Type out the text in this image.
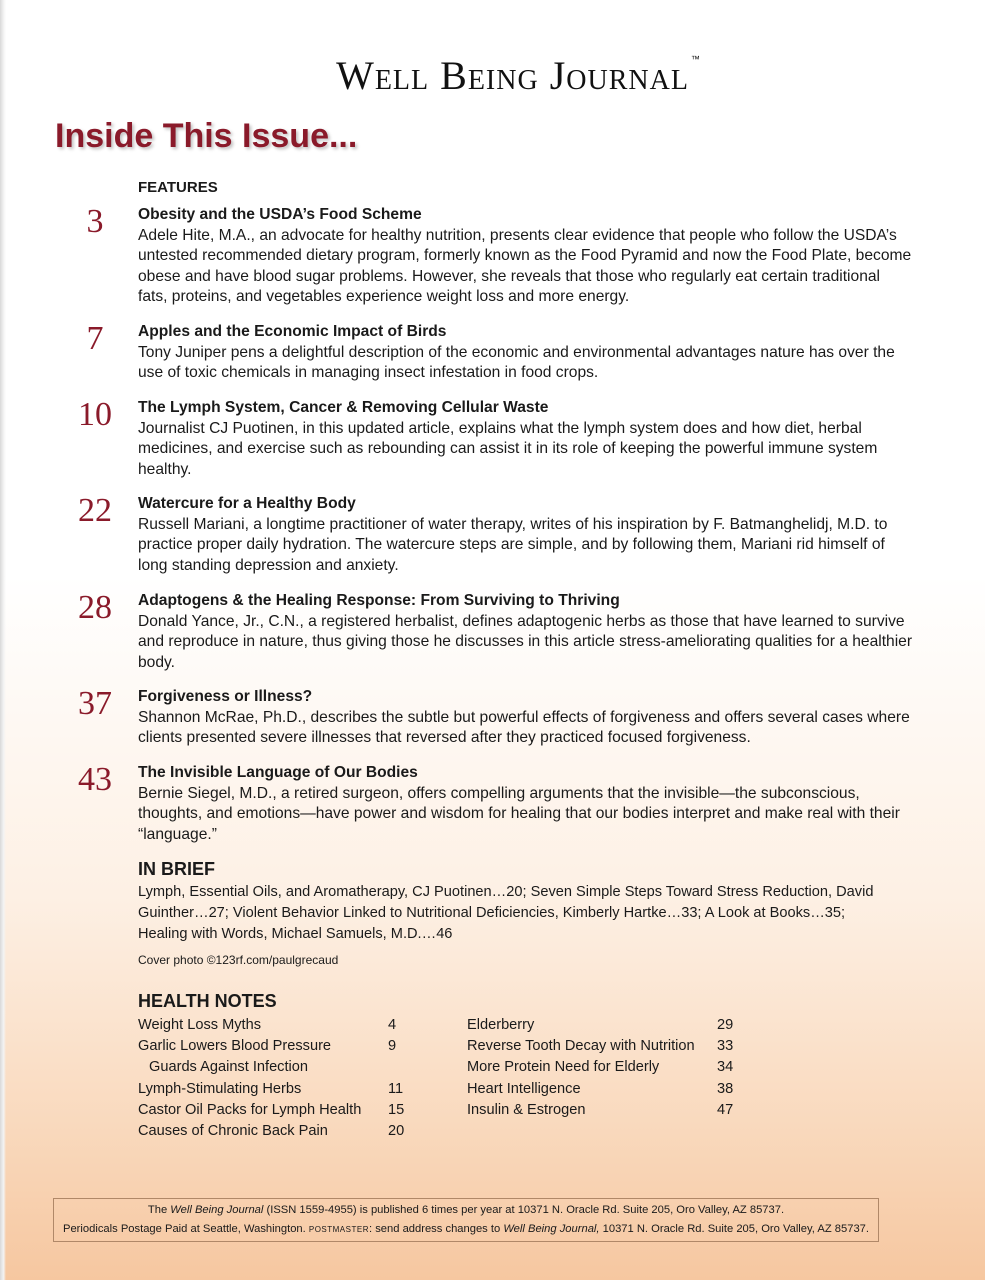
Well Being Journal ™
Inside This Issue...
FEATURES
3	Obesity and the USDA’s Food Scheme
Adele Hite, M.A., an advocate for healthy nutrition, presents clear evidence that people who follow the USDA’s untested recommended dietary program, formerly known as the Food Pyramid and now the Food Plate, become obese and have blood sugar problems. However, she reveals that those who regularly eat certain traditional fats, proteins, and vegetables experience weight loss and more energy.
7	Apples and the Economic Impact of Birds
Tony Juniper pens a delightful description of the economic and environmental advantages nature has over the use of toxic chemicals in managing insect infestation in food crops.
10	The Lymph System, Cancer & Removing Cellular Waste
Journalist CJ Puotinen, in this updated article, explains what the lymph system does and how diet, herbal medicines, and exercise such as rebounding can assist it in its role of keeping the powerful immune system healthy.
22	Watercure for a Healthy Body
Russell Mariani, a longtime practitioner of water therapy, writes of his inspiration by F. Batmanghelidj, M.D. to practice proper daily hydration. The watercure steps are simple, and by following them, Mariani rid himself of long standing depression and anxiety.
28	Adaptogens & the Healing Response: From Surviving to Thriving
Donald Yance, Jr., C.N., a registered herbalist, defines adaptogenic herbs as those that have learned to survive and reproduce in nature, thus giving those he discusses in this article stress-ameliorating qualities for a healthier body.
37	Forgiveness or Illness?
Shannon McRae, Ph.D., describes the subtle but powerful effects of forgiveness and offers several cases where clients presented severe illnesses that reversed after they practiced focused forgiveness.
43	The Invisible Language of Our Bodies
Bernie Siegel, M.D., a retired surgeon, offers compelling arguments that the invisible—the subconscious, thoughts, and emotions—have power and wisdom for healing that our bodies interpret and make real with their “language.”
IN BRIEF
Lymph, Essential Oils, and Aromatherapy, CJ Puotinen…20; Seven Simple Steps Toward Stress Reduction, David Guinther…27; Violent Behavior Linked to Nutritional Deficiencies, Kimberly Hartke…33; A Look at Books…35; Healing with Words, Michael Samuels, M.D.…46
Cover photo ©123rf.com/paulgrecaud
HEALTH NOTES
Weight Loss Myths	4
Garlic Lowers Blood Pressure	9
Guards Against Infection
Lymph-Stimulating Herbs	11
Castor Oil Packs for Lymph Health 15
Causes of Chronic Back Pain	20
Elderberry	29
Reverse Tooth Decay with Nutrition 33
More Protein Need for Elderly	34
Heart Intelligence	38
Insulin & Estrogen	47
The Well Being Journal (ISSN 1559-4955) is published 6 times per year at 10371 N. Oracle Rd. Suite 205, Oro Valley, AZ 85737.
Periodicals Postage Paid at Seattle, Washington. POSTMASTER: send address changes to Well Being Journal, 10371 N. Oracle Rd. Suite 205, Oro Valley, AZ 85737.
